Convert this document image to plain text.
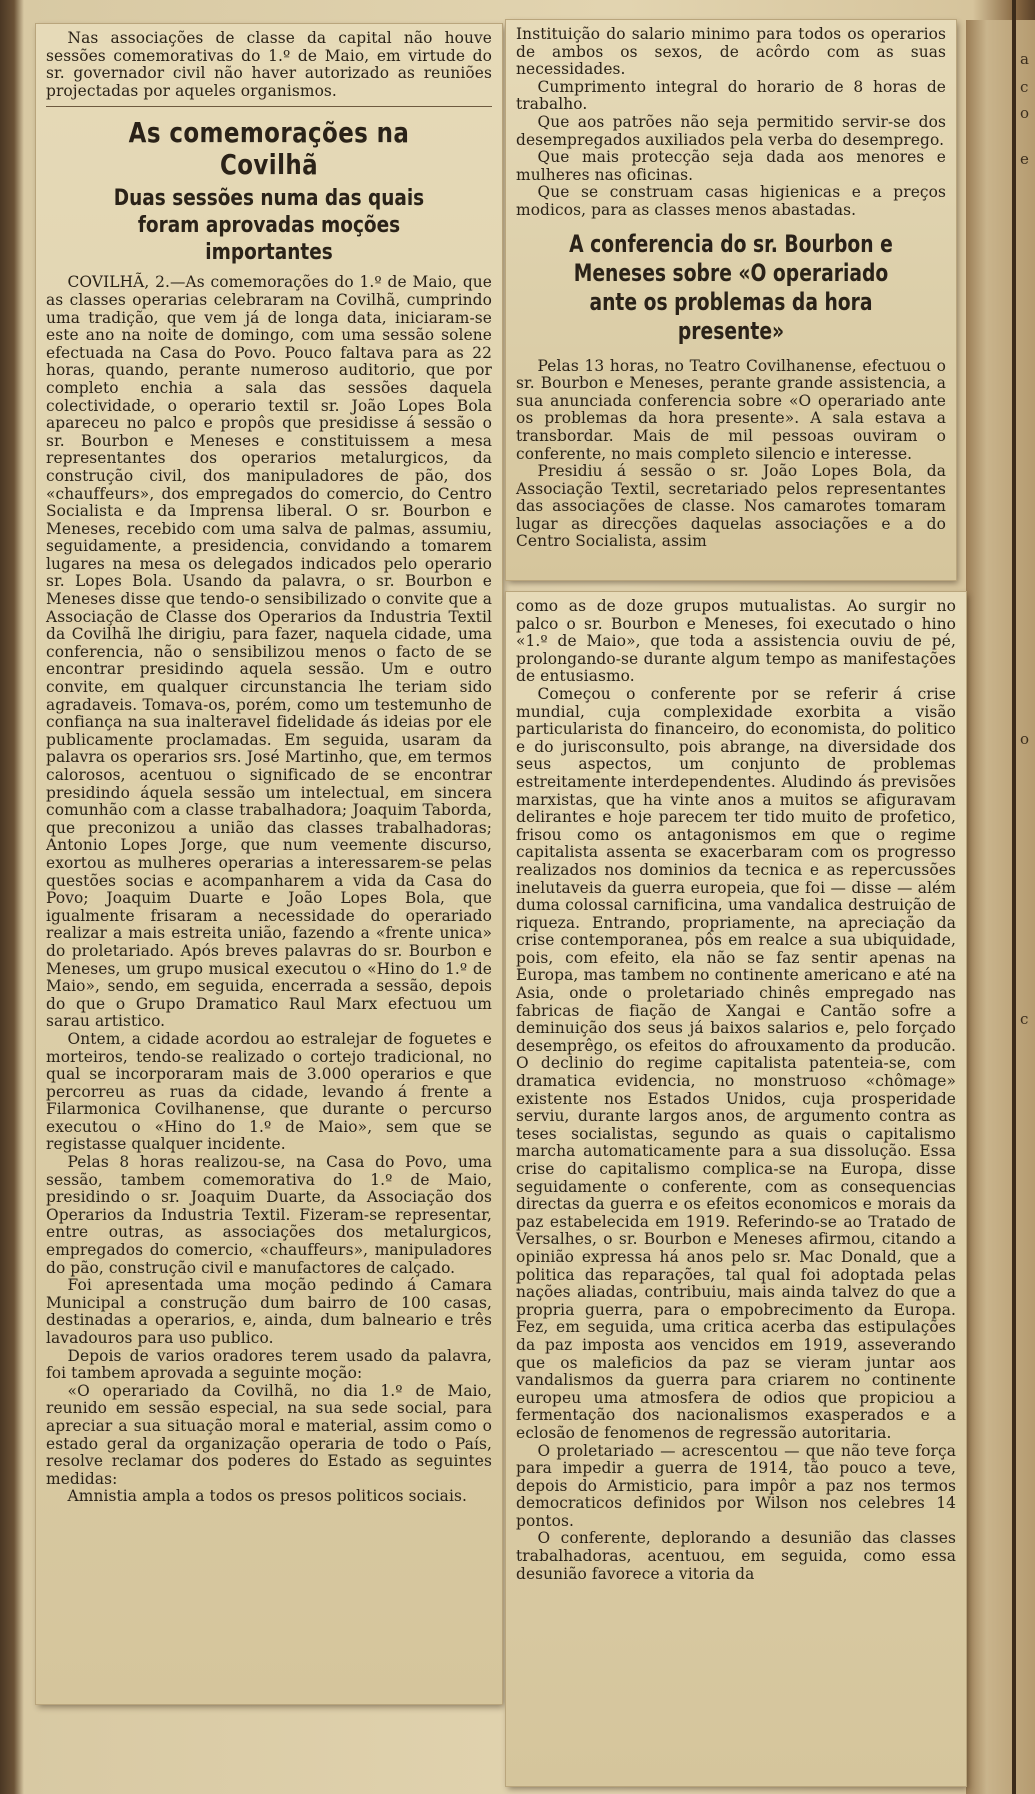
a
c
o
e
o
c

Nas associações de classe da capital não houve sessões comemorativas do 1.º de Maio, em virtude do sr. governador civil não haver autorizado as reuniões projectadas por aqueles organismos.

As comemorações na Covilhã
Duas sessões numa das quais foram aprovadas moções importantes

COVILHÃ, 2.—As comemorações do 1.º de Maio, que as classes operarias celebraram na Covilhã, cumprindo uma tradição, que vem já de longa data, iniciaram-se este ano na noite de domingo, com uma sessão solene efectuada na Casa do Povo. Pouco faltava para as 22 horas, quando, perante numeroso auditorio, que por completo enchia a sala das sessões daquela colectividade, o operario textil sr. João Lopes Bola apareceu no palco e propôs que presidisse á sessão o sr. Bourbon e Meneses e constituissem a mesa representantes dos operarios metalurgicos, da construção civil, dos manipuladores de pão, dos «chauffeurs», dos empregados do comercio, do Centro Socialista e da Imprensa liberal. O sr. Bourbon e Meneses, recebido com uma salva de palmas, assumiu, seguidamente, a presidencia, convidando a tomarem lugares na mesa os delegados indicados pelo operario sr. Lopes Bola. Usando da palavra, o sr. Bourbon e Meneses disse que tendo-o sensibilizado o convite que a Associação de Classe dos Operarios da Industria Textil da Covilhã lhe dirigiu, para fazer, naquela cidade, uma conferencia, não o sensibilizou menos o facto de se encontrar presidindo aquela sessão. Um e outro convite, em qualquer circunstancia lhe teriam sido agradaveis. Tomava-os, porém, como um testemunho de confiança na sua inalteravel fidelidade ás ideias por ele publicamente proclamadas. Em seguida, usaram da palavra os operarios srs. José Martinho, que, em termos calorosos, acentuou o significado de se encontrar presidindo áquela sessão um intelectual, em sincera comunhão com a classe trabalhadora; Joaquim Taborda, que preconizou a união das classes trabalhadoras; Antonio Lopes Jorge, que num veemente discurso, exortou as mulheres operarias a interessarem-se pelas questões socias e acompanharem a vida da Casa do Povo; Joaquim Duarte e João Lopes Bola, que igualmente frisaram a necessidade do operariado realizar a mais estreita união, fazendo a «frente unica» do proletariado. Após breves palavras do sr. Bourbon e Meneses, um grupo musical executou o «Hino do 1.º de Maio», sendo, em seguida, encerrada a sessão, depois do que o Grupo Dramatico Raul Marx efectuou um sarau artistico.

Ontem, a cidade acordou ao estralejar de foguetes e morteiros, tendo-se realizado o cortejo tradicional, no qual se incorporaram mais de 3.000 operarios e que percorreu as ruas da cidade, levando á frente a Filarmonica Covilhanense, que durante o percurso executou o «Hino do 1.º de Maio», sem que se registasse qualquer incidente.

Pelas 8 horas realizou-se, na Casa do Povo, uma sessão, tambem comemorativa do 1.º de Maio, presidindo o sr. Joaquim Duarte, da Associação dos Operarios da Industria Textil. Fizeram-se representar, entre outras, as associações dos metalurgicos, empregados do comercio, «chauffeurs», manipuladores do pão, construção civil e manufactores de calçado.

Foi apresentada uma moção pedindo á Camara Municipal a construção dum bairro de 100 casas, destinadas a operarios, e, ainda, dum balneario e três lavadouros para uso publico.

Depois de varios oradores terem usado da palavra, foi tambem aprovada a seguinte moção:

«O operariado da Covilhã, no dia 1.º de Maio, reunido em sessão especial, na sua sede social, para apreciar a sua situação moral e material, assim como o estado geral da organização operaria de todo o País, resolve reclamar dos poderes do Estado as seguintes medidas:

Amnistia ampla a todos os presos politicos sociais.

Instituição do salario minimo para todos os operarios de ambos os sexos, de acôrdo com as suas necessidades.

Cumprimento integral do horario de 8 horas de trabalho.

Que aos patrões não seja permitido servir-se dos desempregados auxiliados pela verba do desemprego.

Que mais protecção seja dada aos menores e mulheres nas oficinas.

Que se construam casas higienicas e a preços modicos, para as classes menos abastadas.

A conferencia do sr. Bourbon e Meneses sobre «O operariado ante os problemas da hora presente»

Pelas 13 horas, no Teatro Covilhanense, efectuou o sr. Bourbon e Meneses, perante grande assistencia, a sua anunciada conferencia sobre «O operariado ante os problemas da hora presente». A sala estava a transbordar. Mais de mil pessoas ouviram o conferente, no mais completo silencio e interesse.

Presidiu á sessão o sr. João Lopes Bola, da Associação Textil, secretariado pelos representantes das associações de classe. Nos camarotes tomaram lugar as direcções daquelas associações e a do Centro Socialista, assim

como as de doze grupos mutualistas. Ao surgir no palco o sr. Bourbon e Meneses, foi executado o hino «1.º de Maio», que toda a assistencia ouviu de pé, prolongando-se durante algum tempo as manifestações de entusiasmo.

Começou o conferente por se referir á crise mundial, cuja complexidade exorbita a visão particularista do financeiro, do economista, do politico e do jurisconsulto, pois abrange, na diversidade dos seus aspectos, um conjunto de problemas estreitamente interdependentes. Aludindo ás previsões marxistas, que ha vinte anos a muitos se afiguravam delirantes e hoje parecem ter tido muito de profetico, frisou como os antagonismos em que o regime capitalista assenta se exacerbaram com os progresso realizados nos dominios da tecnica e as repercussões inelutaveis da guerra europeia, que foi — disse — além duma colossal carnificina, uma vandalica destruição de riqueza. Entrando, propriamente, na apreciação da crise contemporanea, pôs em realce a sua ubiquidade, pois, com efeito, ela não se faz sentir apenas na Europa, mas tambem no continente americano e até na Asia, onde o proletariado chinês empregado nas fabricas de fiação de Xangai e Cantão sofre a deminuição dos seus já baixos salarios e, pelo forçado desemprêgo, os efeitos do afrouxamento da producão. O declinio do regime capitalista patenteia-se, com dramatica evidencia, no monstruoso «chômage» existente nos Estados Unidos, cuja prosperidade serviu, durante largos anos, de argumento contra as teses socialistas, segundo as quais o capitalismo marcha automaticamente para a sua dissolução. Essa crise do capitalismo complica-se na Europa, disse seguidamente o conferente, com as consequencias directas da guerra e os efeitos economicos e morais da paz estabelecida em 1919. Referindo-se ao Tratado de Versalhes, o sr. Bourbon e Meneses afirmou, citando a opinião expressa há anos pelo sr. Mac Donald, que a politica das reparações, tal qual foi adoptada pelas nações aliadas, contribuiu, mais ainda talvez do que a propria guerra, para o empobrecimento da Europa. Fez, em seguida, uma critica acerba das estipulações da paz imposta aos vencidos em 1919, asseverando que os maleficios da paz se vieram juntar aos vandalismos da guerra para criarem no continente europeu uma atmosfera de odios que propiciou a fermentação dos nacionalismos exasperados e a eclosão de fenomenos de regressão autoritaria.

O proletariado — acrescentou — que não teve força para impedir a guerra de 1914, tão pouco a teve, depois do Armisticio, para impôr a paz nos termos democraticos definidos por Wilson nos celebres 14 pontos.

O conferente, deplorando a desunião das classes trabalhadoras, acentuou, em seguida, como essa desunião favorece a vitoria da
